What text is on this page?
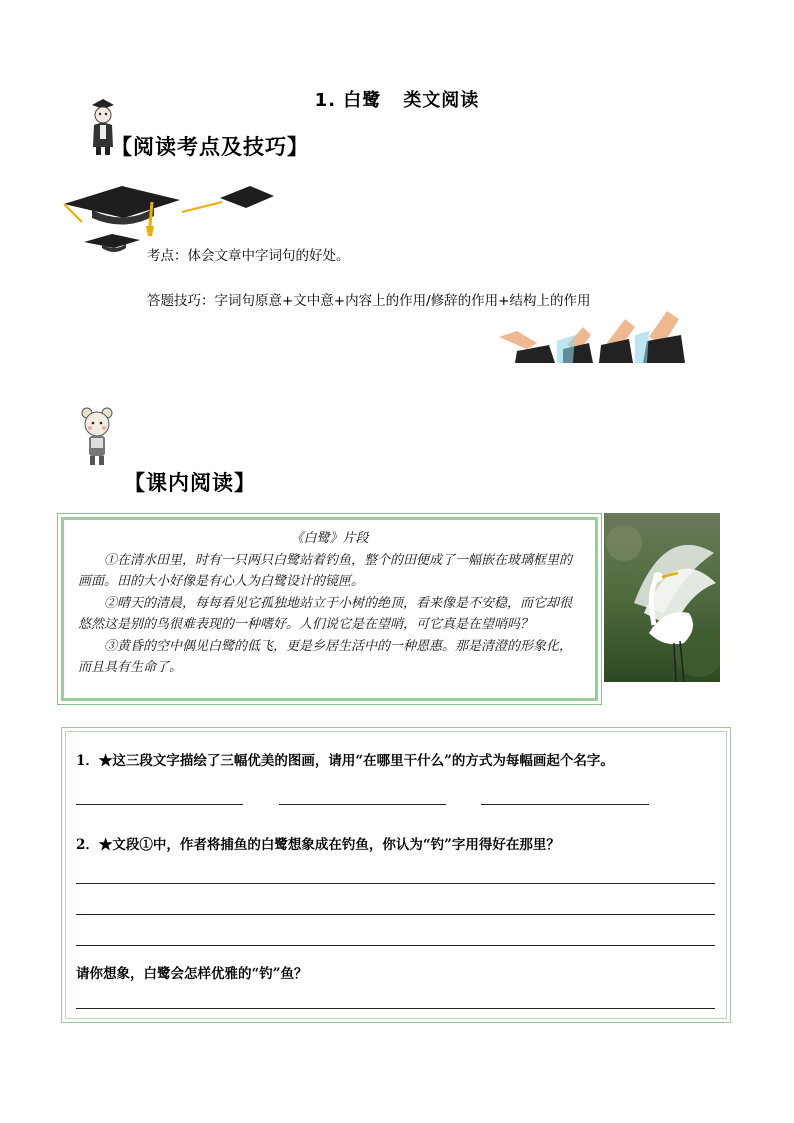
1. 白鹭 类文阅读
【阅读考点及技巧】
考点：体会文章中字词句的好处。
答题技巧：字词句原意+文中意+内容上的作用/修辞的作用+结构上的作用
【课内阅读】
《白鹭》片段

①在清水田里，时有一只两只白鹭站着钓鱼，整个的田便成了一幅嵌在玻璃框里的画面。田的大小好像是有心人为白鹭设计的镜匣。

②晴天的清晨，每每看见它孤独地站立于小树的绝顶，看来像是不安稳，而它却很悠然这是别的鸟很难表现的一种嗜好。人们说它是在望哨，可它真是在望哨吗？

③黄昏的空中偶见白鹭的低飞，更是乡居生活中的一种恩惠。那是清澄的形象化，而且具有生命了。

1．★这三段文字描绘了三幅优美的图画，请用“在哪里干什么”的方式为每幅画起个名字。
2．★文段①中，作者将捕鱼的白鹭想象成在钓鱼，你认为“钓”字用得好在那里？
请你想象，白鹭会怎样优雅的“钓”鱼？
